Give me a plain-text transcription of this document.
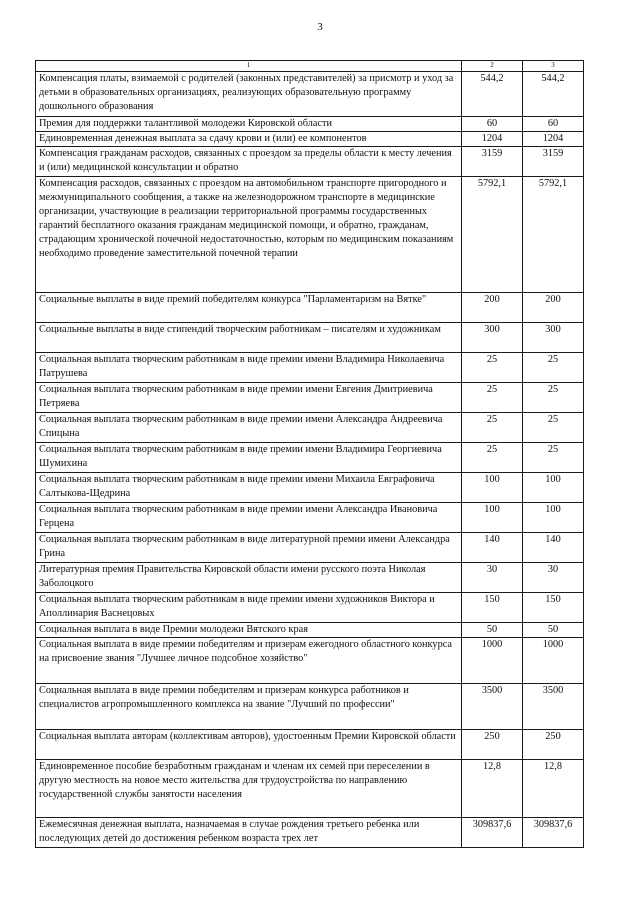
3
1	2	3
Компенсация платы, взимаемой с родителей (законных представителей) за присмотр и уход за детьми в образовательных организациях, реализующих образовательную программу дошкольного образования	544,2	544,2
Премия для поддержки талантливой молодежи Кировской области	60	60
Единовременная денежная выплата за сдачу крови и (или) ее компонентов	1204	1204
Компенсация гражданам расходов, связанных с проездом за пределы области к месту лечения и (или) медицинской консультации и обратно	3159	3159
Компенсация расходов, связанных с проездом на автомобильном транспорте пригородного и межмуниципального сообщения, а также на железнодорожном транспорте в медицинские организации, участвующие в реализации территориальной программы государственных гарантий бесплатного оказания гражданам медицинской помощи, и обратно, гражданам, страдающим хронической почечной недостаточностью, которым по медицинским показаниям необходимо проведение заместительной почечной терапии	5792,1	5792,1
Социальные выплаты в виде премий победителям конкурса "Парламентаризм на Вятке"	200	200
Социальные выплаты в виде стипендий творческим работникам – писателям и художникам	300	300
Социальная выплата творческим работникам в виде премии имени Владимира Николаевича Патрушева	25	25
Социальная выплата творческим работникам в виде премии имени Евгения Дмитриевича Петряева	25	25
Социальная выплата творческим работникам в виде премии имени Александра Андреевича Спицына	25	25
Социальная выплата творческим работникам в виде премии имени Владимира Георгиевича Шумихина	25	25
Социальная выплата творческим работникам в виде премии имени Михаила Евграфовича Салтыкова-Щедрина	100	100
Социальная выплата творческим работникам в виде премии имени Александра Ивановича Герцена	100	100
Социальная выплата творческим работникам в виде литературной премии имени Александра Грина	140	140
Литературная премия Правительства Кировской области имени русского поэта Николая Заболоцкого	30	30
Социальная выплата творческим работникам в виде премии имени художников Виктора и Аполлинария Васнецовых	150	150
Социальная выплата в виде Премии молодежи Вятского края	50	50
Социальная выплата в виде премии победителям и призерам ежегодного областного конкурса на присвоение звания "Лучшее личное подсобное хозяйство"	1000	1000
Социальная выплата в виде премии победителям и призерам конкурса работников и специалистов агропромышленного комплекса на звание "Лучший по профессии"	3500	3500
Социальная выплата авторам (коллективам авторов), удостоенным Премии Кировской области	250	250
Единовременное пособие безработным гражданам и членам их семей при переселении в другую местность на новое место жительства для трудоустройства по направлению государственной службы занятости населения	12,8	12,8
Ежемесячная денежная выплата, назначаемая в случае рождения третьего ребенка или последующих детей до достижения ребенком возраста трех лет	309837,6	309837,6
